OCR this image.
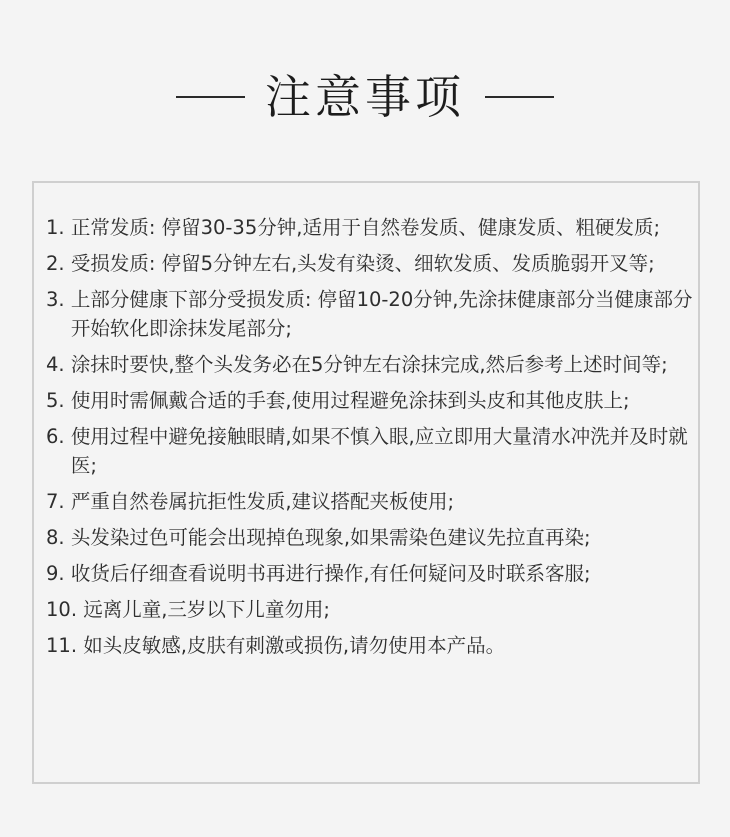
注意事项
1. 正常发质: 停留30-35分钟,适用于自然卷发质、健康发质、粗硬发质;
2. 受损发质: 停留5分钟左右,头发有染烫、细软发质、发质脆弱开叉等;
3. 上部分健康下部分受损发质: 停留10-20分钟,先涂抹健康部分当健康部分开始软化即涂抹发尾部分;
4. 涂抹时要快,整个头发务必在5分钟左右涂抹完成,然后参考上述时间等;
5. 使用时需佩戴合适的手套,使用过程避免涂抹到头皮和其他皮肤上;
6. 使用过程中避免接触眼睛,如果不慎入眼,应立即用大量清水冲洗并及时就医;
7. 严重自然卷属抗拒性发质,建议搭配夹板使用;
8. 头发染过色可能会出现掉色现象,如果需染色建议先拉直再染;
9. 收货后仔细查看说明书再进行操作,有任何疑问及时联系客服;
10. 远离儿童,三岁以下儿童勿用;
11. 如头皮敏感,皮肤有刺激或损伤,请勿使用本产品。
